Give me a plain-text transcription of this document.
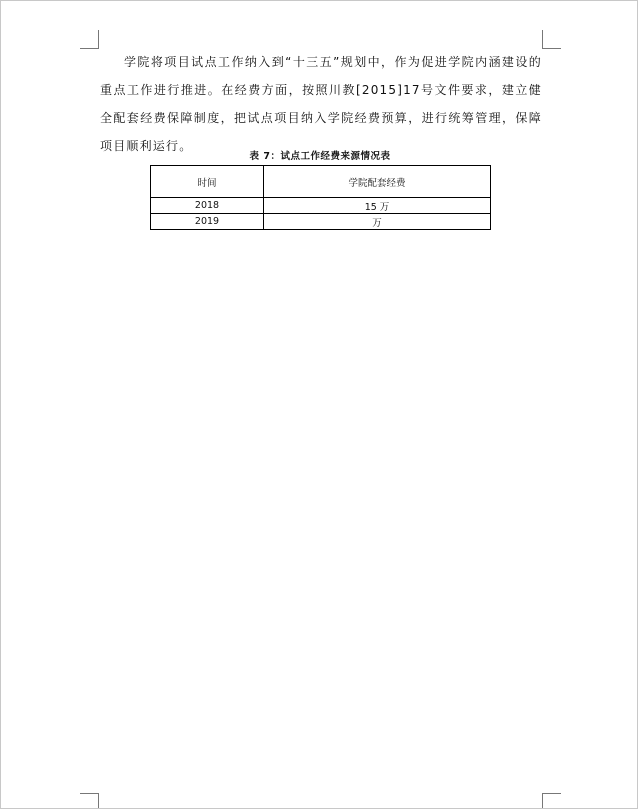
学院将项目试点工作纳入到“十三五”规划中，作为促进学院内涵建设的重点工作进行推进。在经费方面，按照川教[2015]17号文件要求，建立健全配套经费保障制度，把试点项目纳入学院经费预算，进行统筹管理，保障项目顺利运行。

表 7：试点工作经费来源情况表
时间	学院配套经费
2018	15 万
2019	万
